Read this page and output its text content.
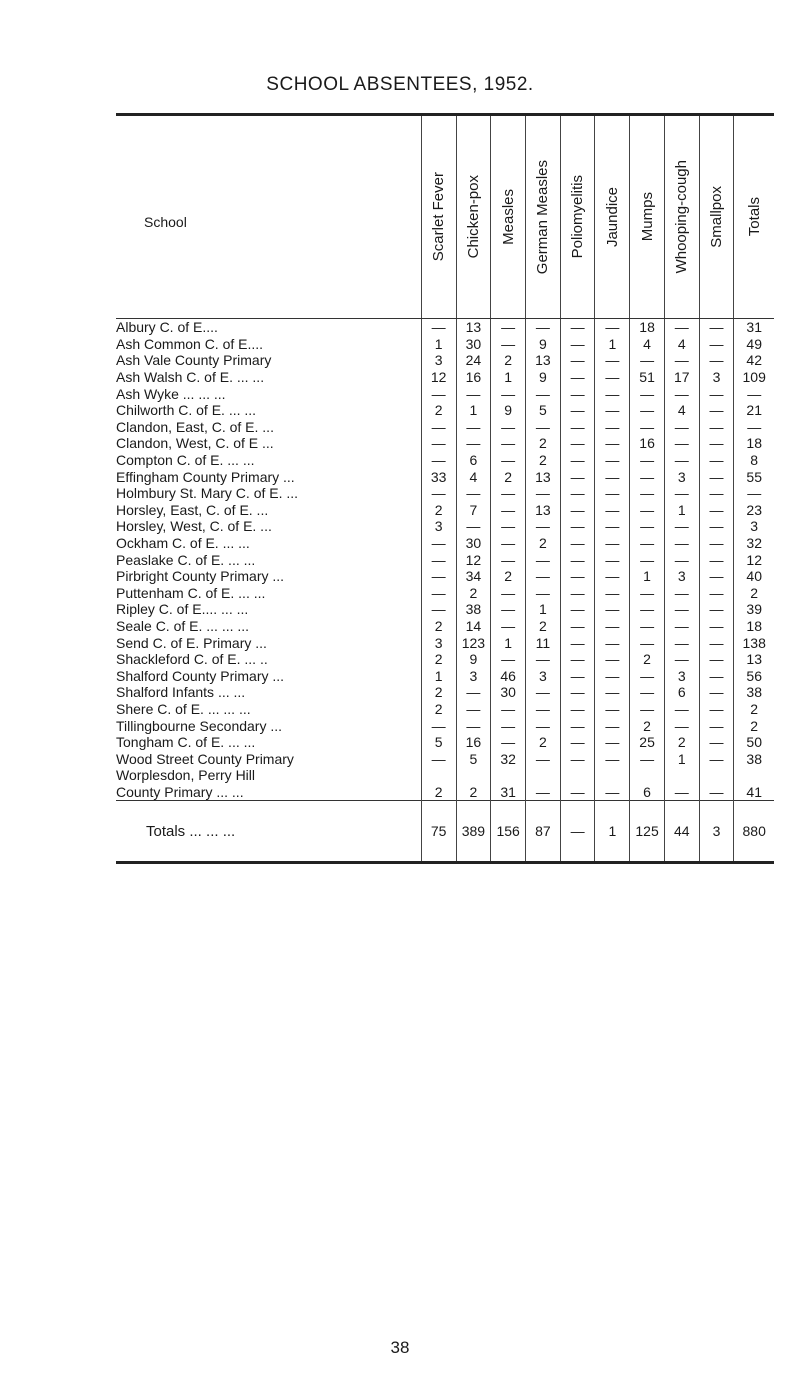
SCHOOL ABSENTEES, 1952.
School	Scarlet Fever	Chicken-pox	Measles	German Measles	Poliomyelitis	Jaundice	Mumps	Whooping-cough	Smallpox	Totals

Albury C. of E....	—	13	—	—	—	—	18	—	—	31
Ash Common C. of E....	1	30	—	9	—	1	4	4	—	49
Ash Vale County Primary	3	24	2	13	—	—	—	—	—	42
Ash Walsh C. of E. ... ...	12	16	1	9	—	—	51	17	3	109
Ash Wyke ... ... ...	—	—	—	—	—	—	—	—	—	—
Chilworth C. of E. ... ...	2	1	9	5	—	—	—	4	—	21
Clandon, East, C. of E. ...	—	—	—	—	—	—	—	—	—	—
Clandon, West, C. of E ...	—	—	—	2	—	—	16	—	—	18
Compton C. of E. ... ...	—	6	—	2	—	—	—	—	—	8
Effingham County Primary ...	33	4	2	13	—	—	—	3	—	55
Holmbury St. Mary C. of E. ...	—	—	—	—	—	—	—	—	—	—
Horsley, East, C. of E. ...	2	7	—	13	—	—	—	1	—	23
Horsley, West, C. of E. ...	3	—	—	—	—	—	—	—	—	3
Ockham C. of E. ... ...	—	30	—	2	—	—	—	—	—	32
Peaslake C. of E. ... ...	—	12	—	—	—	—	—	—	—	12
Pirbright County Primary ...	—	34	2	—	—	—	1	3	—	40
Puttenham C. of E. ... ...	—	2	—	—	—	—	—	—	—	2
Ripley C. of E.... ... ...	—	38	—	1	—	—	—	—	—	39
Seale C. of E. ... ... ...	2	14	—	2	—	—	—	—	—	18
Send C. of E. Primary ...	3	123	1	11	—	—	—	—	—	138
Shackleford C. of E. ... ..	2	9	—	—	—	—	2	—	—	13
Shalford County Primary ...	1	3	46	3	—	—	—	3	—	56
Shalford Infants ... ...	2	—	30	—	—	—	—	6	—	38
Shere C. of E. ... ... ...	2	—	—	—	—	—	—	—	—	2
Tillingbourne Secondary ...	—	—	—	—	—	—	2	—	—	2
Tongham C. of E. ... ...	5	16	—	2	—	—	25	2	—	50
Wood Street County Primary	—	5	32	—	—	—	—	1	—	38
Worplesdon, Perry Hill										
County Primary ... ...	2	2	31	—	—	—	6	—	—	41
Totals ... ... ...	75	389	156	87	—	1	125	44	3	880
38
